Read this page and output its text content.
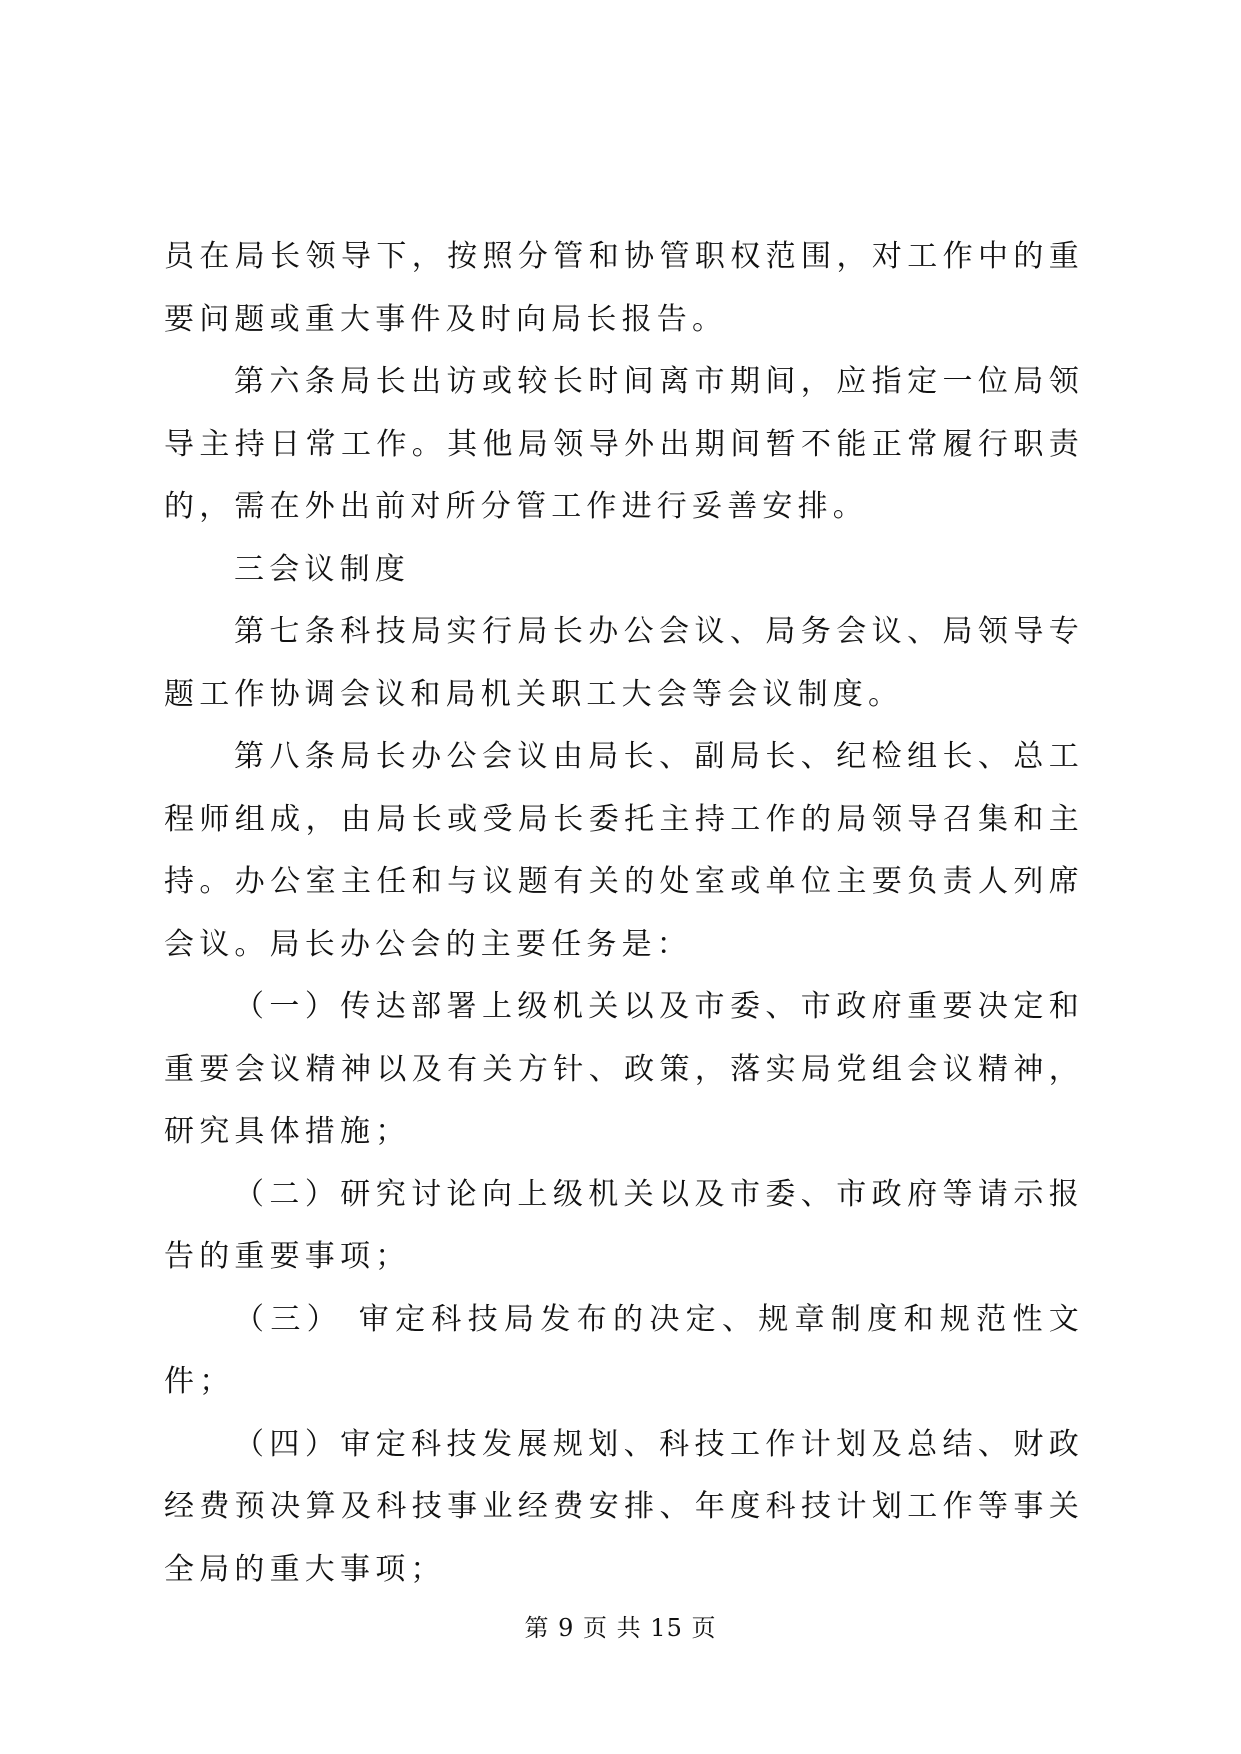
员在局长领导下，按照分管和协管职权范围，对工作中的重要问题或重大事件及时向局长报告。

第六条局长出访或较长时间离市期间，应指定一位局领导主持日常工作。其他局领导外出期间暂不能正常履行职责的，需在外出前对所分管工作进行妥善安排。

三会议制度

第七条科技局实行局长办公会议、局务会议、局领导专题工作协调会议和局机关职工大会等会议制度。

第八条局长办公会议由局长、副局长、纪检组长、总工程师组成，由局长或受局长委托主持工作的局领导召集和主持。办公室主任和与议题有关的处室或单位主要负责人列席会议。局长办公会的主要任务是：

（一）传达部署上级机关以及市委、市政府重要决定和重要会议精神以及有关方针、政策，落实局党组会议精神，研究具体措施；

（二）研究讨论向上级机关以及市委、市政府等请示报告的重要事项；

（三） 审定科技局发布的决定、规章制度和规范性文件；

（四）审定科技发展规划、科技工作计划及总结、财政经费预决算及科技事业经费安排、年度科技计划工作等事关全局的重大事项；

第 9 页 共 15 页
